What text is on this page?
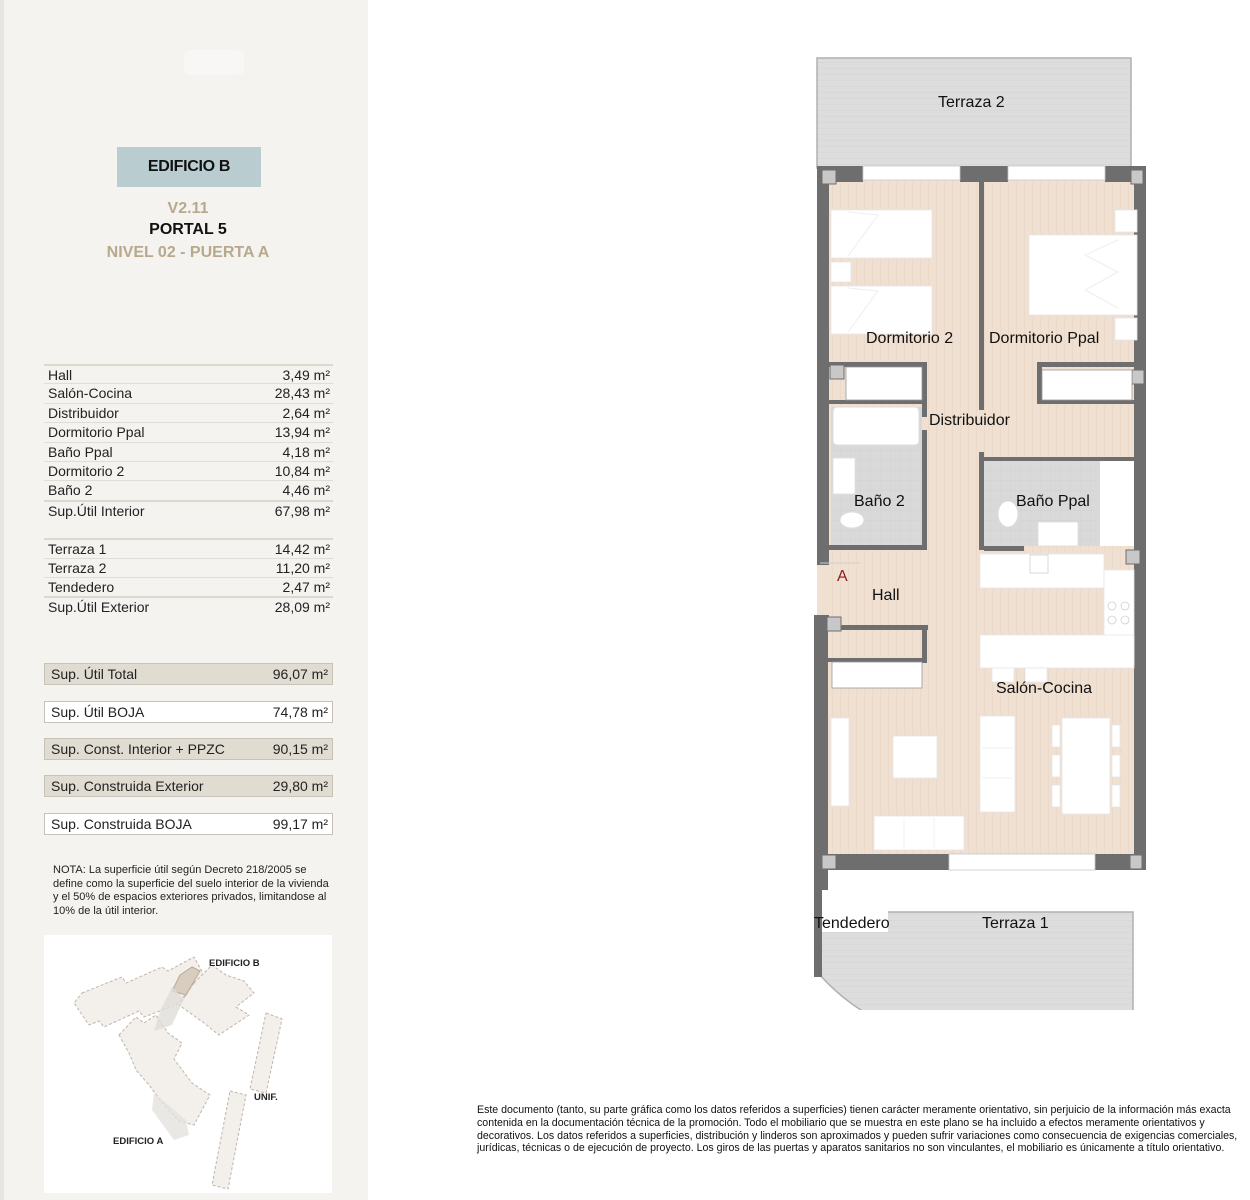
EDIFICIO B
V2.11
PORTAL 5
NIVEL 02 - PUERTA A
Hall	3,49 m²
Salón-Cocina	28,43 m²
Distribuidor	2,64 m²
Dormitorio Ppal	13,94 m²
Baño Ppal	4,18 m²
Dormitorio 2	10,84 m²
Baño 2	4,46 m²
Sup.Útil Interior	67,98 m²
Terraza 1	14,42 m²
Terraza 2	11,20 m²
Tendedero	2,47 m²
Sup.Útil Exterior	28,09 m²
Sup. Útil Total	96,07 m²
Sup. Útil BOJA	74,78 m²
Sup. Const. Interior + PPZC	90,15 m²
Sup. Construida Exterior	29,80 m²
Sup. Construida BOJA	99,17 m²
NOTA: La superficie útil según Decreto 218/2005 se define como la superficie del suelo interior de la vivienda y el 50% de espacios exteriores privados, limitandose al 10% de la útil interior.
EDIFICIO B
UNIF.
EDIFICIO A
Terraza 2
Dormitorio 2 Dormitorio Ppal
Distribuidor
Baño 2	Baño Ppal
A
Hall
Salón-Cocina
Tendedero	Terraza 1
Este documento (tanto, su parte gráfica como los datos referidos a superficies) tienen carácter meramente orientativo, sin perjuicio de la información más exacta contenida en la documentación técnica de la promoción. Todo el mobiliario que se muestra en este plano se ha incluido a efectos meramente orientativos y decorativos. Los datos referidos a superficies, distribución y linderos son aproximados y pueden sufrir variaciones como consecuencia de exigencias comerciales, jurídicas, técnicas o de ejecución de proyecto. Los giros de las puertas y aparatos sanitarios no son vinculantes, el mobiliario es únicamente a título orientativo.
